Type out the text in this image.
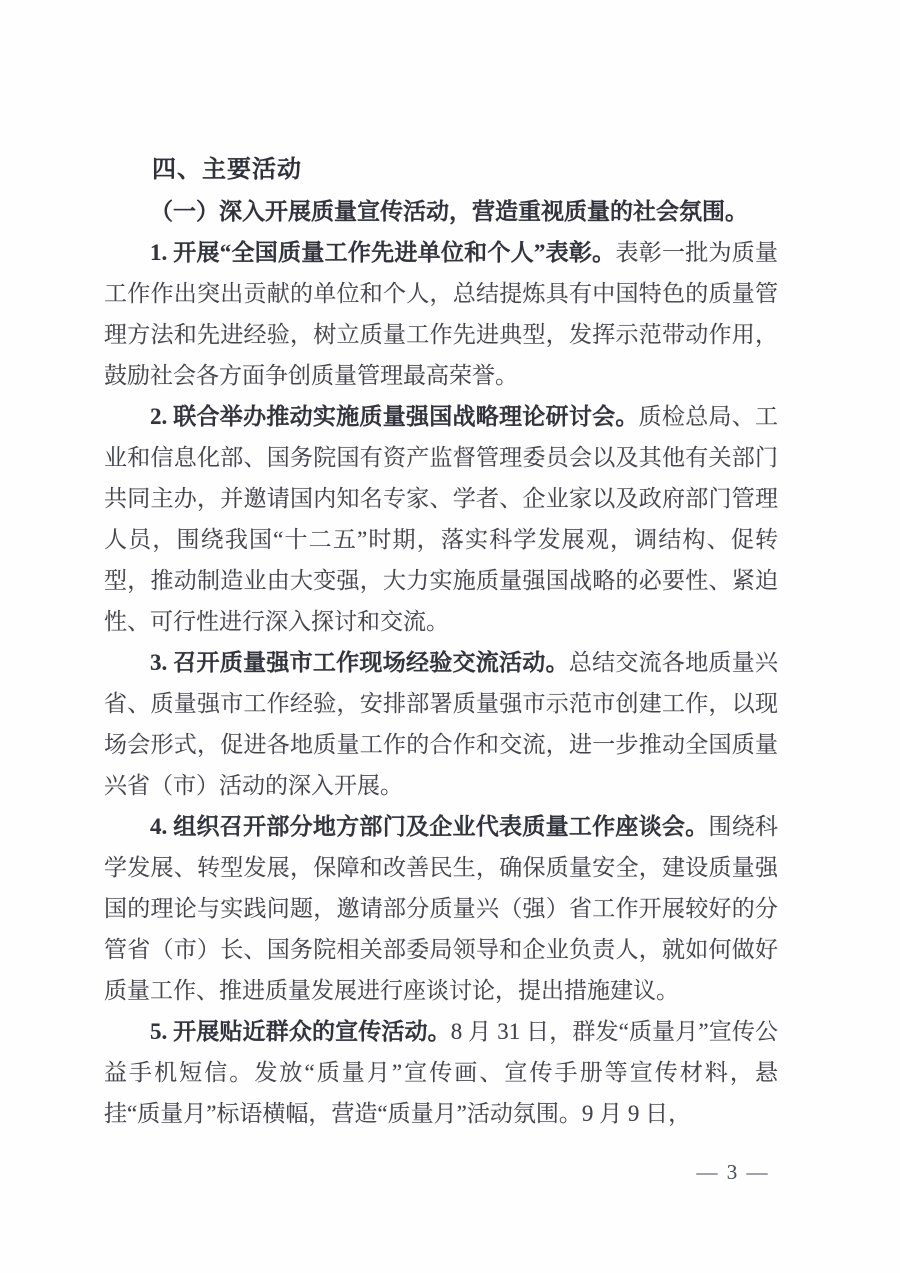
四、主要活动

（一）深入开展质量宣传活动，营造重视质量的社会氛围。

1. 开展“全国质量工作先进单位和个人”表彰。表彰一批为质量工作作出突出贡献的单位和个人，总结提炼具有中国特色的质量管理方法和先进经验，树立质量工作先进典型，发挥示范带动作用，鼓励社会各方面争创质量管理最高荣誉。

2. 联合举办推动实施质量强国战略理论研讨会。质检总局、工业和信息化部、国务院国有资产监督管理委员会以及其他有关部门共同主办，并邀请国内知名专家、学者、企业家以及政府部门管理人员，围绕我国“十二五”时期，落实科学发展观，调结构、促转型，推动制造业由大变强，大力实施质量强国战略的必要性、紧迫性、可行性进行深入探讨和交流。

3. 召开质量强市工作现场经验交流活动。总结交流各地质量兴省、质量强市工作经验，安排部署质量强市示范市创建工作，以现场会形式，促进各地质量工作的合作和交流，进一步推动全国质量兴省（市）活动的深入开展。

4. 组织召开部分地方部门及企业代表质量工作座谈会。围绕科学发展、转型发展，保障和改善民生，确保质量安全，建设质量强国的理论与实践问题，邀请部分质量兴（强）省工作开展较好的分管省（市）长、国务院相关部委局领导和企业负责人，就如何做好质量工作、推进质量发展进行座谈讨论，提出措施建议。

5. 开展贴近群众的宣传活动。8 月 31 日，群发“质量月”宣传公益手机短信。发放“质量月”宣传画、宣传手册等宣传材料，悬挂“质量月”标语横幅，营造“质量月”活动氛围。9 月 9 日，

— 3 —
